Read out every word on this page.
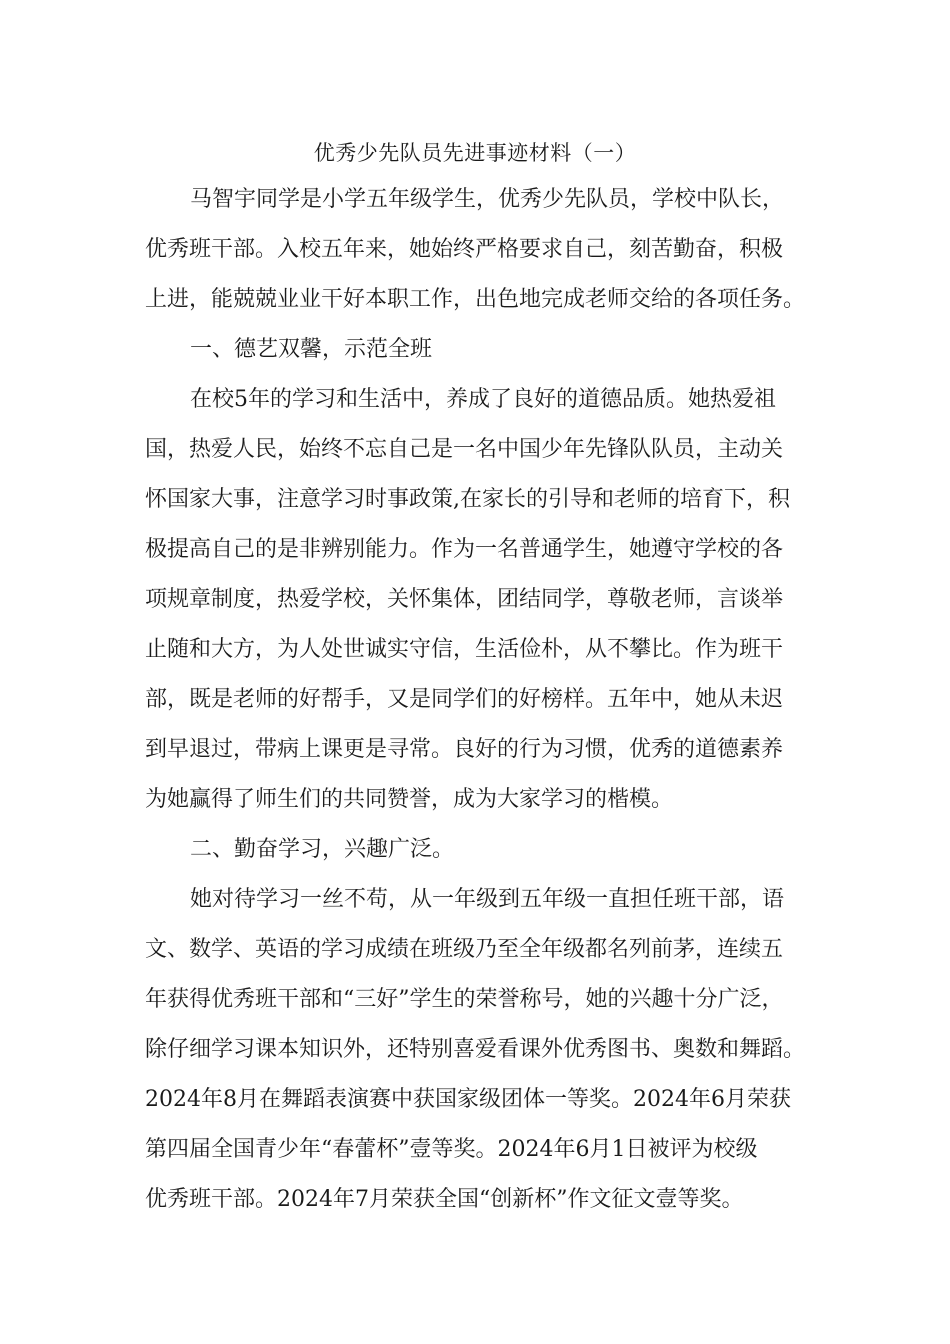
优秀少先队员先进事迹材料（一）
马智宇同学是小学五年级学生，优秀少先队员，学校中队长，
优秀班干部。入校五年来，她始终严格要求自己，刻苦勤奋，积极
上进，能兢兢业业干好本职工作，出色地完成老师交给的各项任务。
一、德艺双馨，示范全班
在校5年的学习和生活中，养成了良好的道德品质。她热爱祖
国，热爱人民，始终不忘自己是一名中国少年先锋队队员，主动关
怀国家大事，注意学习时事政策,在家长的引导和老师的培育下，积
极提高自己的是非辨别能力。作为一名普通学生，她遵守学校的各
项规章制度，热爱学校，关怀集体，团结同学，尊敬老师，言谈举
止随和大方，为人处世诚实守信，生活俭朴，从不攀比。作为班干
部，既是老师的好帮手，又是同学们的好榜样。五年中，她从未迟
到早退过，带病上课更是寻常。良好的行为习惯，优秀的道德素养
为她赢得了师生们的共同赞誉，成为大家学习的楷模。
二、勤奋学习，兴趣广泛。
她对待学习一丝不苟，从一年级到五年级一直担任班干部，语
文、数学、英语的学习成绩在班级乃至全年级都名列前茅，连续五
年获得优秀班干部和“三好”学生的荣誉称号，她的兴趣十分广泛，
除仔细学习课本知识外，还特别喜爱看课外优秀图书、奥数和舞蹈。
2024年8月在舞蹈表演赛中获国家级团体一等奖。2024年6月荣获
第四届全国青少年“春蕾杯”壹等奖。2024年6月1日被评为校级
优秀班干部。2024年7月荣获全国“创新杯”作文征文壹等奖。
